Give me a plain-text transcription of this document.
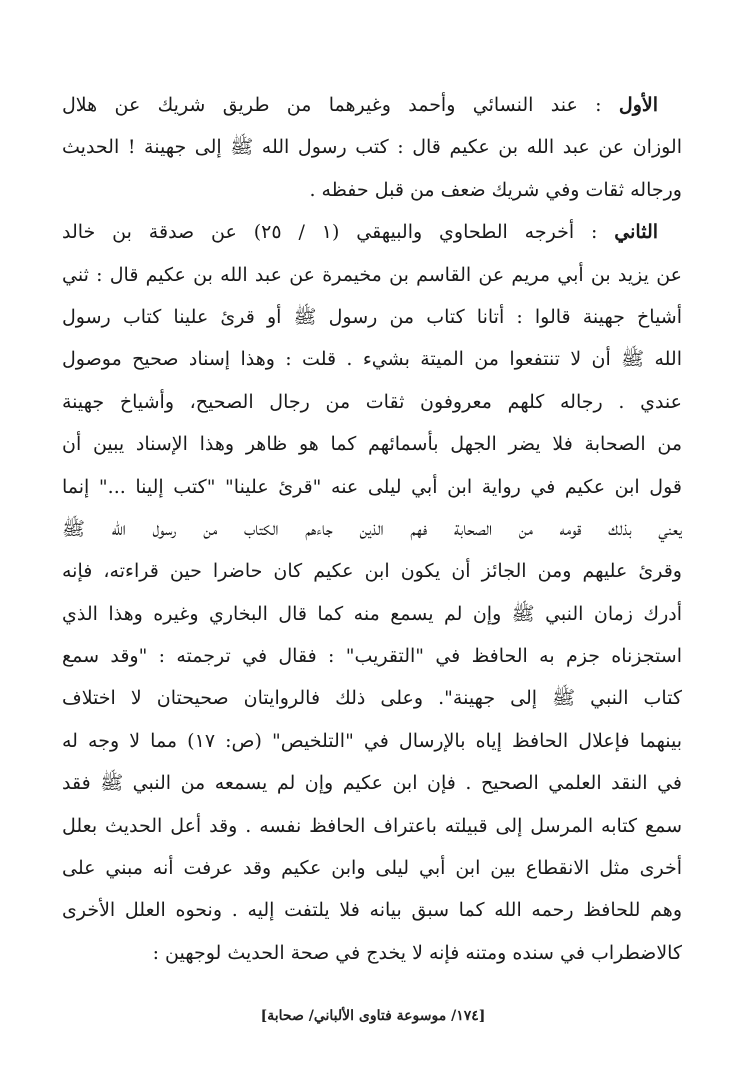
الأول : عند النسائي وأحمد وغيرهما من طريق شريك عن هلال
الوزان عن عبد الله بن عكيم قال : كتب رسول الله ﷺ إلى جهينة ! الحديث
ورجاله ثقات وفي شريك ضعف من قبل حفظه .
الثاني : أخرجه الطحاوي والبيهقي (١ / ٢٥) عن صدقة بن خالد
عن يزيد بن أبي مريم عن القاسم بن مخيمرة عن عبد الله بن عكيم قال : ثني
أشياخ جهينة قالوا : أتانا كتاب من رسول ﷺ أو قرئ علينا كتاب رسول
الله ﷺ أن لا تنتفعوا من الميتة بشيء . قلت : وهذا إسناد صحيح موصول
عندي . رجاله كلهم معروفون ثقات من رجال الصحيح، وأشياخ جهينة
من الصحابة فلا يضر الجهل بأسمائهم كما هو ظاهر وهذا الإسناد يبين أن
قول ابن عكيم في رواية ابن أبي ليلى عنه "قرئ علينا" "كتب إلينا ..." إنما
يعني بذلك قومه من الصحابة فهم الذين جاءهم الكتاب من رسول الله ﷺ
وقرئ عليهم ومن الجائز أن يكون ابن عكيم كان حاضرا حين قراءته، فإنه
أدرك زمان النبي ﷺ وإن لم يسمع منه كما قال البخاري وغيره وهذا الذي
استجزناه جزم به الحافظ في "التقريب" : فقال في ترجمته : "وقد سمع
كتاب النبي ﷺ إلى جهينة". وعلى ذلك فالروايتان صحيحتان لا اختلاف
بينهما فإعلال الحافظ إياه بالإرسال في "التلخيص" (ص: ١٧) مما لا وجه له
في النقد العلمي الصحيح . فإن ابن عكيم وإن لم يسمعه من النبي ﷺ فقد
سمع كتابه المرسل إلى قبيلته باعتراف الحافظ نفسه . وقد أعل الحديث بعلل
أخرى مثل الانقطاع بين ابن أبي ليلى وابن عكيم وقد عرفت أنه مبني على
وهم للحافظ رحمه الله كما سبق بيانه فلا يلتفت إليه . ونحوه العلل الأخرى
كالاضطراب في سنده ومتنه فإنه لا يخدج في صحة الحديث لوجهين :
[١٧٤/ موسوعة فتاوى الألباني/ صحابة]
